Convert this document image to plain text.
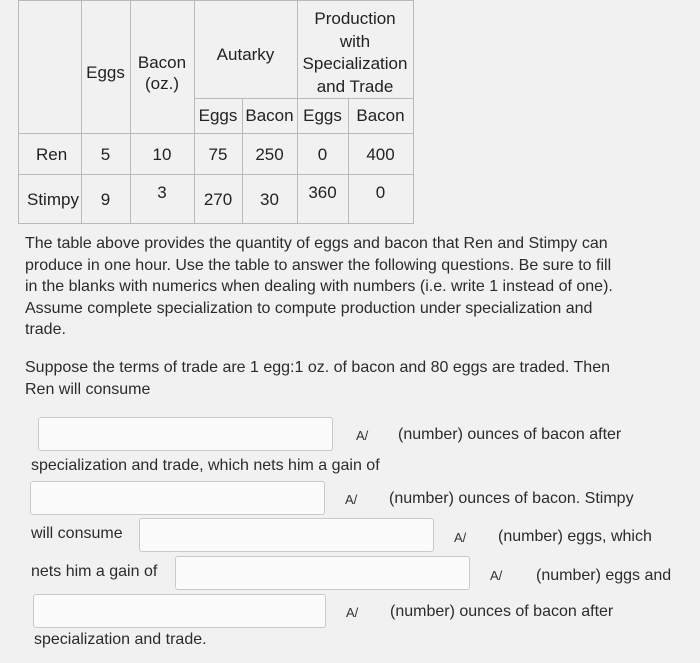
Eggs
Bacon
(oz.)
Autarky
Production
with
Specialization
and Trade
Eggs Bacon Eggs Bacon
Ren	5	10	75	250	0	400
Stimpy	9	3	270	30	360	0
The table above provides the quantity of eggs and bacon that Ren and Stimpy can
produce in one hour. Use the table to answer the following questions. Be sure to fill
in the blanks with numerics when dealing with numbers (i.e. write 1 instead of one).
Assume complete specialization to compute production under specialization and
trade.
Suppose the terms of trade are 1 egg:1 oz. of bacon and 80 eggs are traded. Then
Ren will consume
A/ (number) ounces of bacon after
specialization and trade, which nets him a gain of
A/ (number) ounces of bacon. Stimpy
will consume	A/ (number) eggs, which
nets him a gain of	A/ (number) eggs and
A/ (number) ounces of bacon after
specialization and trade.
